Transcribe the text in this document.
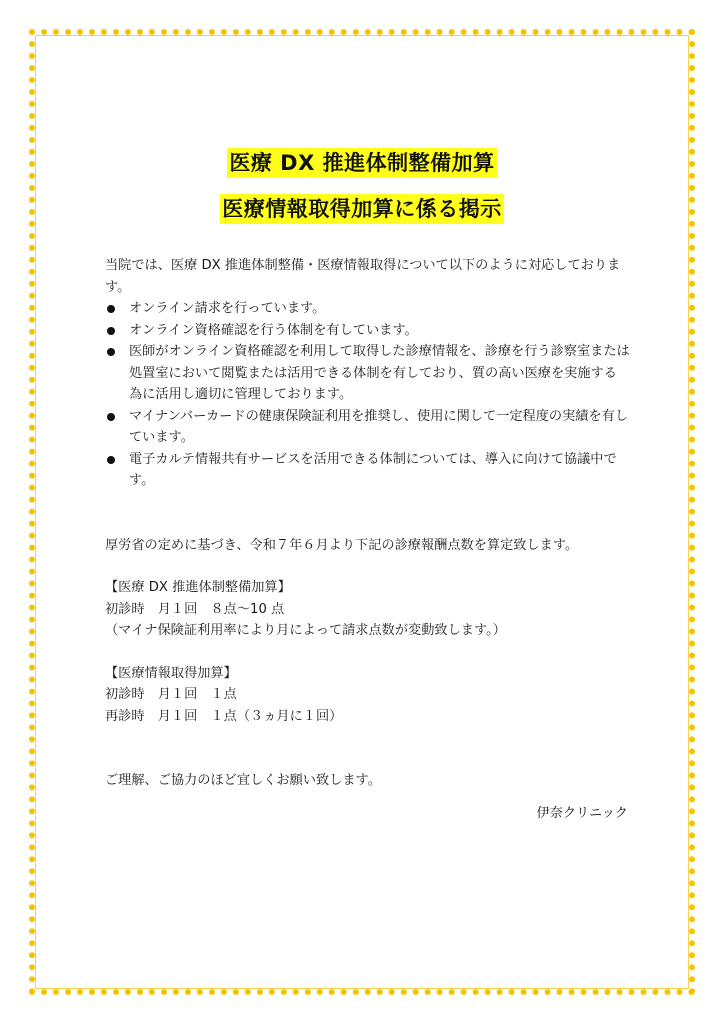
医療 DX 推進体制整備加算
医療情報取得加算に係る掲示

当院では、医療 DX 推進体制整備・医療情報取得について以下のように対応しております。

オンライン請求を行っています。
オンライン資格確認を行う体制を有しています。
医師がオンライン資格確認を利用して取得した診療情報を、診療を行う診察室または処置室において閲覧または活用できる体制を有しており、質の高い医療を実施する為に活用し適切に管理しております。
マイナンバーカードの健康保険証利用を推奨し、使用に関して一定程度の実績を有しています。
電子カルテ情報共有サービスを活用できる体制については、導入に向けて協議中です。

厚労省の定めに基づき、令和７年６月より下記の診療報酬点数を算定致します。

【医療 DX 推進体制整備加算】

初診時　月１回　８点～10 点

（マイナ保険証利用率により月によって請求点数が変動致します。）

【医療情報取得加算】

初診時　月１回　１点

再診時　月１回　１点（３ヵ月に１回）

ご理解、ご協力のほど宜しくお願い致します。

伊奈クリニック
